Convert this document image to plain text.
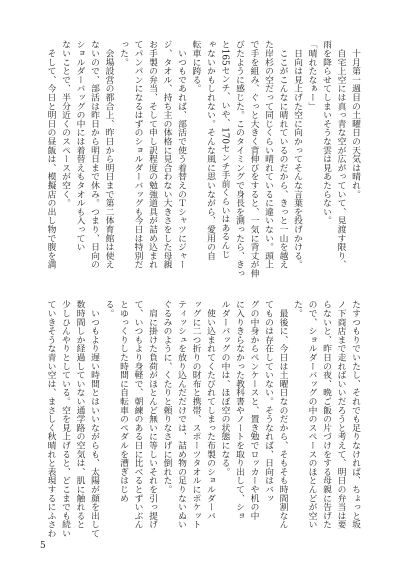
　十月第一週目の土曜日の天気は晴れ。
　自宅上空には真っ青な空が広がっていて、見渡す限り、
雨を降らせてしまいそうな雲は見あたらない。
「晴れたなぁー」
　日向は見上げた空に向かってそんな言葉を投げかける。
　ここがこんなに晴れているのだから、きっと一山を越え
た岸杉の空だって同じくらい晴れているに違いない。頭上
で手を組み、ぐっと大きく背伸びをすると、一気に背丈が伸
びたように感じた。このタイミングで身長を測ったら、きっ
と165センチ、いや、170センチ手前くらいはあるんじ
ゃないかもしれない。そんな風に思いながら、愛用の自
転車に跨る。
　いつもであれば、部活で使う着替えのＴシャツにジャー
ジ、タオル、持ち主の体格に見合わない大きさをした母親
お手製の弁当、そして申し訳程度の勉強道具が詰め込まれ
てパンパンになるはずのショルダーバッグも今日は特別だ
った。
　会場設営の都合上、昨日から明日まで第二体育館は使え
ないので、部活は昨日から明日まで休み。つまり、日向の
ショルダーバッグの中には着替えもタオルも入ってい
ないことで、半分近くのスペースが空く。
　そして、今日と明日の昼飯は、模擬店の出し物で腹を満
たすつもりでいたし、それでも足りなければ、ちょっと坂
ノ下商店まで走ればいいだろうと考えて、明日の弁当は要
らないと、昨日の夜、晩ご飯の片づけをする母親に告げた
ので、ショルダーバッグの中のスペースのほとんどが空い
た。
　最後に、今日は土曜日なのだから、そもそも時間割なん
てものは存在していない。そうなれば、日向はバッ
グの中身からペンケースと、置き勉でロッカーや机の中
に入りきらなかった教科書やノートを取り出して、ショ
ルダーバッグの中は、ほぼ空の状態になる。
　使い込まれてくたびれてしまった布製のショルダーバ
ッグに二つ折りの財布と携帯、スポーツタオルにポケット
ティッシュを放り込んだだけでは、詰め物の足りないぬい
ぐるみのように、くたりと頼りなさげに倒れた。
　肩に掛けた負荷がほとんど無いに等しいそれを引っ提げ
て、いつもより身軽で、朝練のある日に比べるとずいぶん
とゆっくりした時間に自転車のペダルを漕ぎはじめ
る。
　いつもより遅い時間とはいいながらも、太陽が顔を出して
数時間しか経過していない通学路の空気は、肌に触れると
少しひんやりとしている。空を見上げると、どこまでも続い
ていきそうな青い空は、まさしく秋晴れと表現するにふさわ
5
